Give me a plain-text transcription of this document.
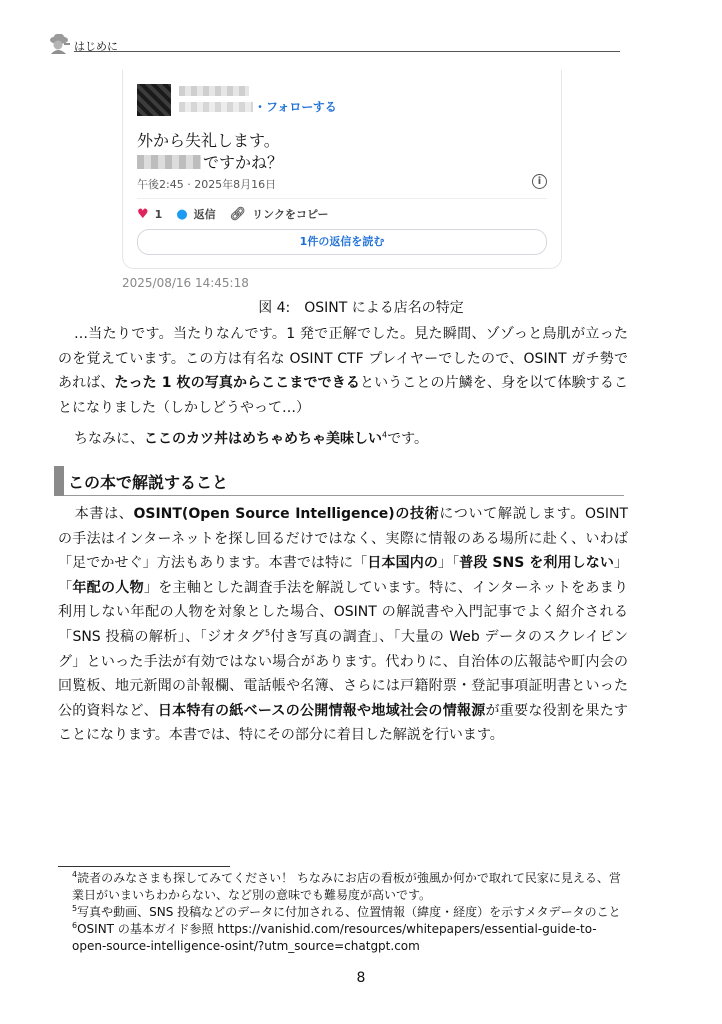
はじめに
・フォローする
外から失礼します。
ですかね？
午後2:45 · 2025年8月16日	i
♥ 1 ● 返信 🔗︎ リンクをコピー
1件の返信を読む
2025/08/16 14:45:18
図 4:　OSINT による店名の特定
…当たりです。当たりなんです。1 発で正解でした。見た瞬間、ゾゾっと鳥肌が立ったのを覚えています。この方は有名な OSINT CTF プレイヤーでしたので、OSINT ガチ勢であれば、たった 1 枚の写真からここまでできるということの片鱗を、身を以て体験することになりました（しかしどうやって…）
ちなみに、ここのカツ丼はめちゃめちゃ美味しい$^4$です。
この本で解説すること
本書は、OSINT(Open Source Intelligence)の技術について解説します。OSINT の手法はインターネットを探し回るだけではなく、実際に情報のある場所に赴く、いわば「足でかせぐ」方法もあります。本書では特に「日本国内の」「普段 SNS を利用しない」「年配の人物」を主軸とした調査手法を解説しています。特に、インターネットをあまり利用しない年配の人物を対象とした場合、OSINT の解説書や入門記事でよく紹介される「SNS 投稿の解析」、「ジオタグ$^5$付き写真の調査」、「大量の Web データのスクレイピング」といった手法が有効ではない場合があります。代わりに、自治体の広報誌や町内会の回覧板、地元新聞の訃報欄、電話帳や名簿、さらには戸籍附票・登記事項証明書といった公的資料など、日本特有の紙ベースの公開情報や地域社会の情報源が重要な役割を果たすことになります。本書では、特にその部分に着目した解説を行います。
$^4$読者のみなさまも探してみてください！ ちなみにお店の看板が強風か何かで取れて民家に見える、営業日がいまいちわからない、など別の意味でも難易度が高いです。
$^5$写真や動画、SNS 投稿などのデータに付加される、位置情報（緯度・経度）を示すメタデータのこと
$^6$OSINT の基本ガイド参照 https://vanishid.com/resources/whitepapers/essential-guide-to-open-source-intelligence-osint/?utm_source=chatgpt.com
8
